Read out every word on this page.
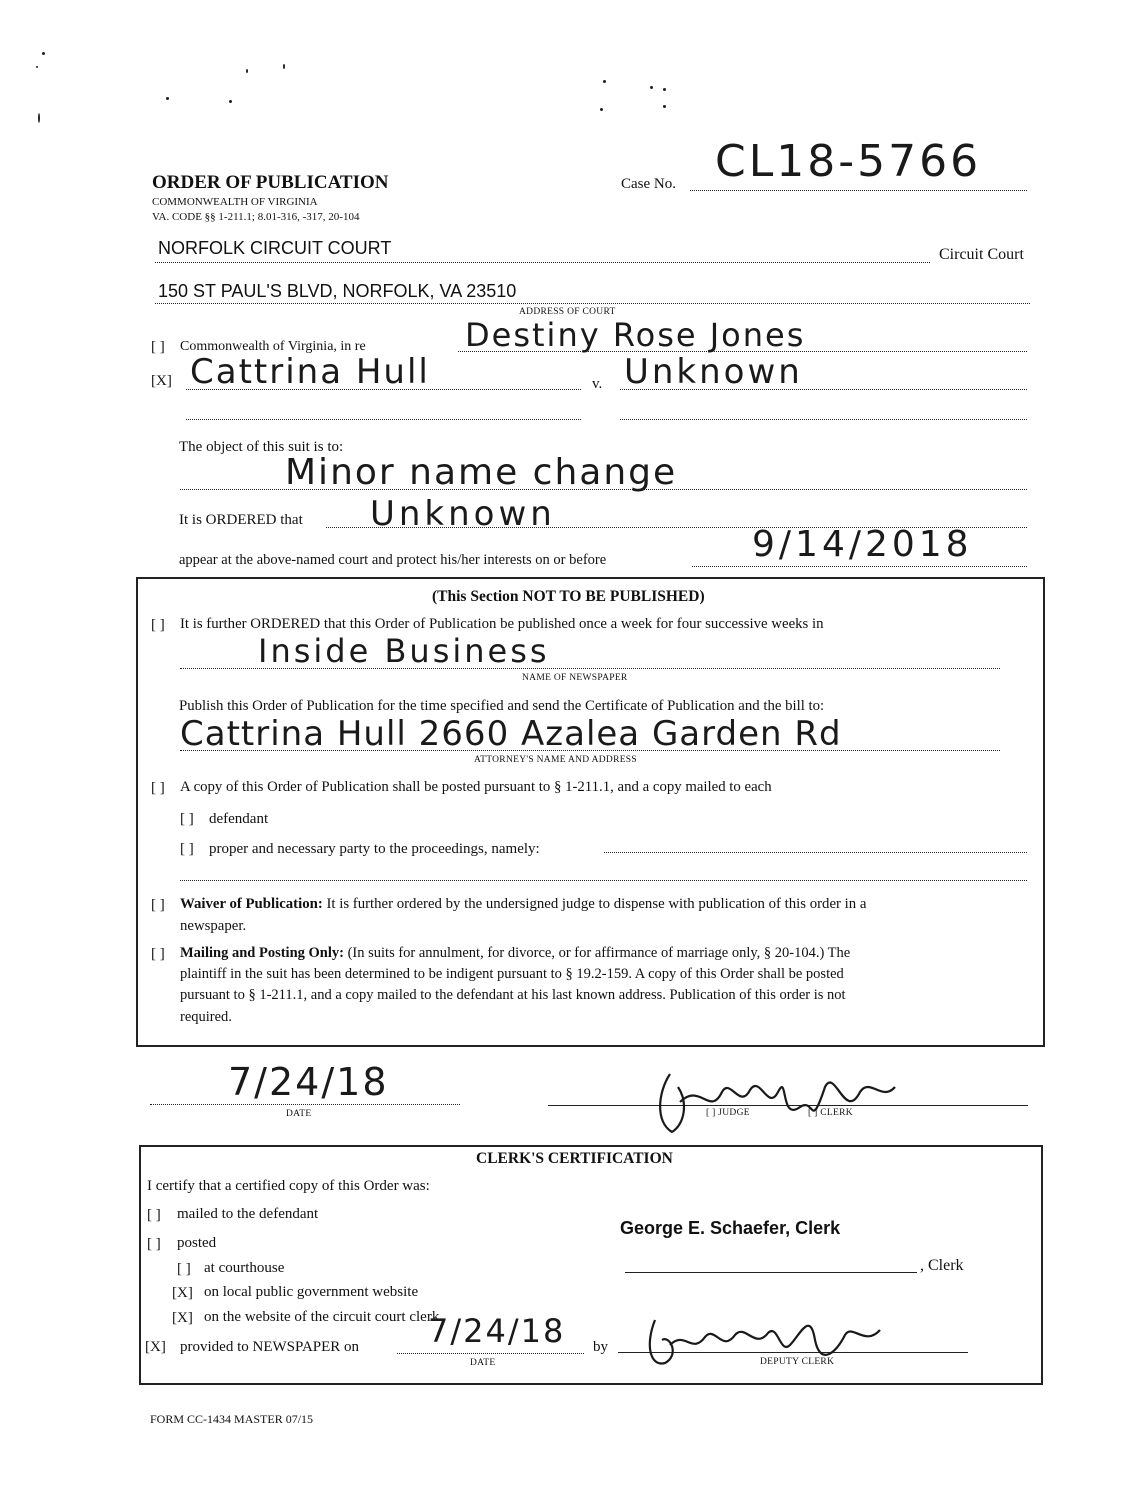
ORDER OF PUBLICATION
COMMONWEALTH OF VIRGINIA
VA. CODE §§ 1-211.1; 8.01-316, -317, 20-104
Case No. CL18-5766
NORFOLK CIRCUIT COURT	Circuit Court
150 ST PAUL'S BLVD, NORFOLK, VA 23510
ADDRESS OF COURT
[ ] Commonwealth of Virginia, in re	Destiny Rose Jones
[X] Cattrina Hull	v. Unknown
The object of this suit is to:
Minor name change
It is ORDERED that Unknown
appear at the above-named court and protect his/her interests on or before	9/14/2018
(This Section NOT TO BE PUBLISHED)
[ ] It is further ORDERED that this Order of Publication be published once a week for four successive weeks in
Inside Business
NAME OF NEWSPAPER
Publish this Order of Publication for the time specified and send the Certificate of Publication and the bill to:
Cattrina Hull 2660 Azalea Garden Rd
ATTORNEY'S NAME AND ADDRESS
[ ] A copy of this Order of Publication shall be posted pursuant to § 1-211.1, and a copy mailed to each
[ ] defendant
[ ] proper and necessary party to the proceedings, namely:
[ ] Waiver of Publication: It is further ordered by the undersigned judge to dispense with publication of this order in a
newspaper.
[ ] Mailing and Posting Only: (In suits for annulment, for divorce, or for affirmance of marriage only, § 20-104.) The
plaintiff in the suit has been determined to be indigent pursuant to § 19.2-159. A copy of this Order shall be posted
pursuant to § 1-211.1, and a copy mailed to the defendant at his last known address. Publication of this order is not
required.
7/24/18
DATE	[ ] JUDGE	[ ] CLERK
CLERK'S CERTIFICATION
I certify that a certified copy of this Order was:
[ ] mailed to the defendant
[ ] posted
[ ] at courthouse
[X] on local public government website
[X] on the website of the circuit court clerk
[X] provided to NEWSPAPER on 7/24/18
DATE
by
George E. Schaefer, Clerk
, Clerk
DEPUTY CLERK
FORM CC-1434 MASTER 07/15
